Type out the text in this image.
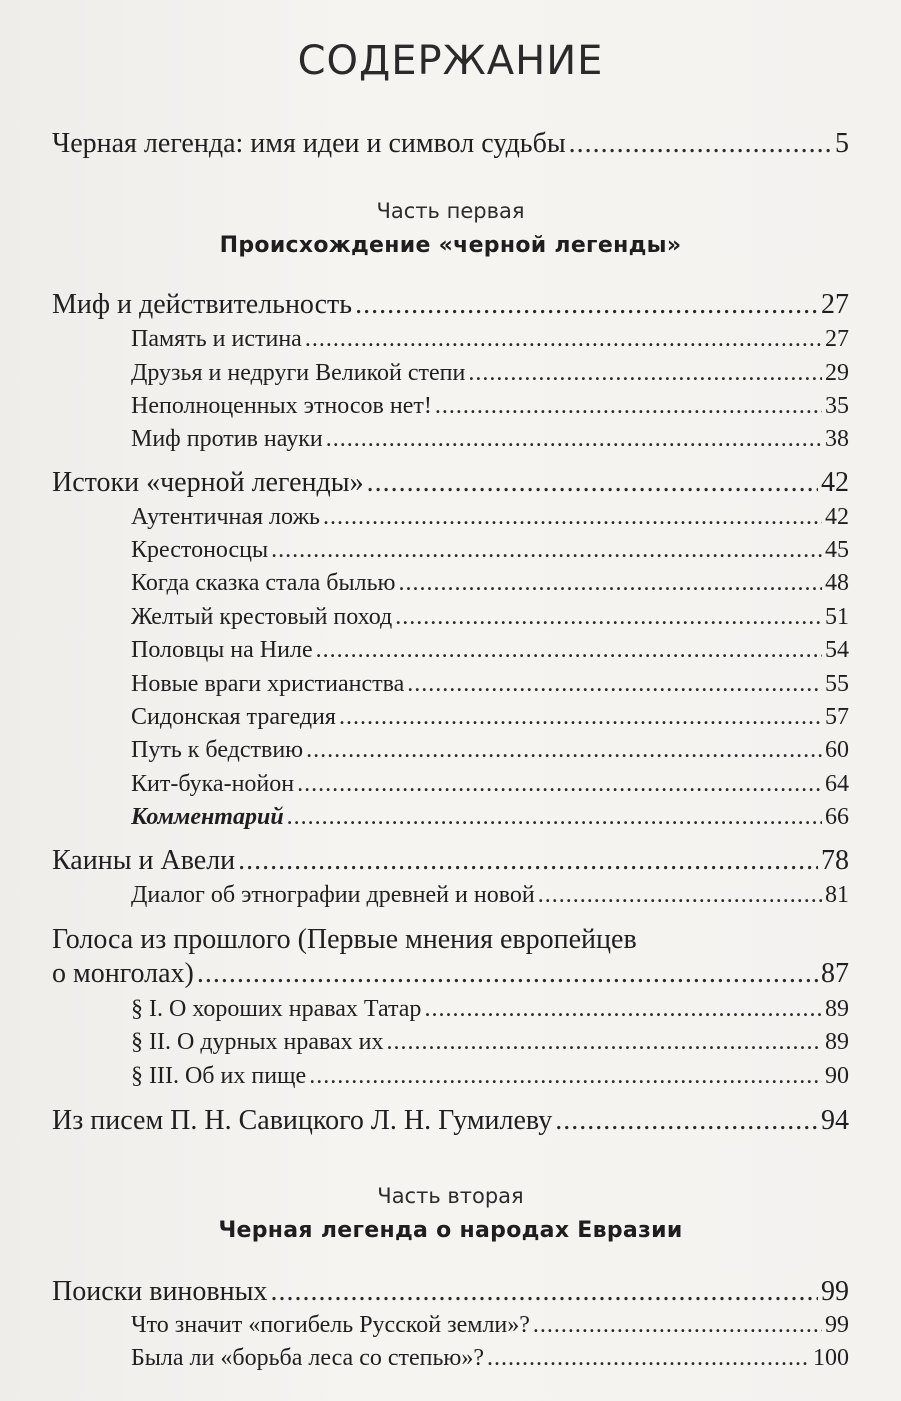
СОДЕРЖАНИЕ
Черная легенда: имя идеи и символ судьбы .....	5
Часть первая
Происхождение «черной легенды»
Миф и действительность .....	27
Память и истина .....	27
Друзья и недруги Великой степи .....	29
Неполноценных этносов нет! .....	35
Миф против науки .....	38
Истоки «черной легенды» .....	42
Аутентичная ложь .....	42
Крестоносцы .....	45
Когда сказка стала былью .....	48
Желтый крестовый поход .....	51
Половцы на Ниле .....	54
Новые враги христианства .....	55
Сидонская трагедия .....	57
Путь к бедствию .....	60
Кит-бука-нойон .....	64
Комментарий .....	66
Каины и Авели .....	78
Диалог об этнографии древней и новой .....	81
Голоса из прошлого (Первые мнения европейцев
о монголах) .....	87
§ I. О хороших нравах Татар .....	89
§ II. О дурных нравах их .....	89
§ III. Об их пище .....	90
Из писем П. Н. Савицкого Л. Н. Гумилеву .....	94
Часть вторая
Черная легенда о народах Евразии
Поиски виновных .....	99
Что значит «погибель Русской земли»? .....	99
Была ли «борьба леса со степью»? .....	100
